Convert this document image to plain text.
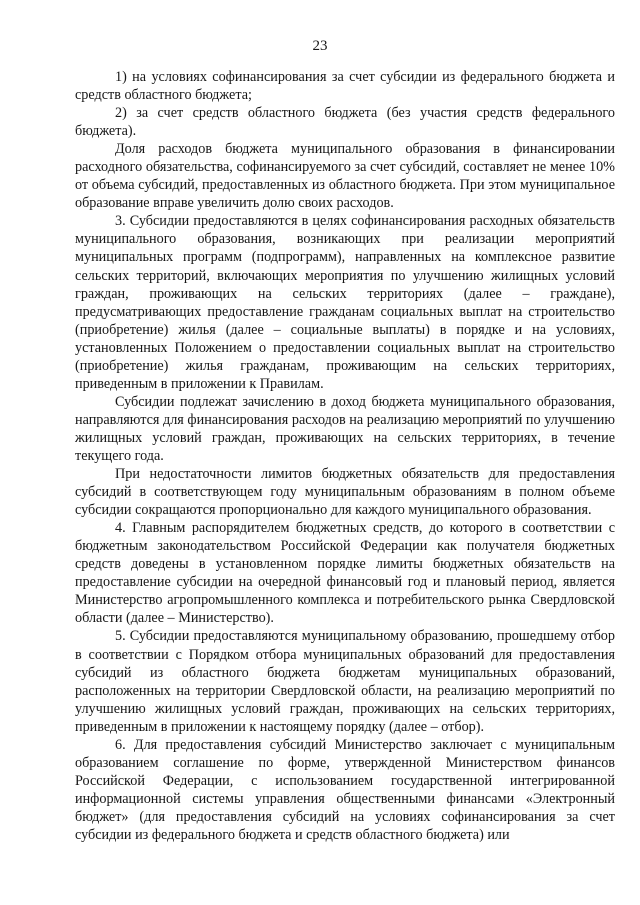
23

1) на условиях софинансирования за счет субсидии из федерального бюджета и средств областного бюджета;

2) за счет средств областного бюджета (без участия средств федерального бюджета).

Доля расходов бюджета муниципального образования в финансировании расходного обязательства, софинансируемого за счет субсидий, составляет не менее 10% от объема субсидий, предоставленных из областного бюджета. При этом муниципальное образование вправе увеличить долю своих расходов.

3. Субсидии предоставляются в целях софинансирования расходных обязательств муниципального образования, возникающих при реализации мероприятий муниципальных программ (подпрограмм), направленных на комплексное развитие сельских территорий, включающих мероприятия по улучшению жилищных условий граждан, проживающих на сельских территориях (далее – граждане), предусматривающих предоставление гражданам социальных выплат на строительство (приобретение) жилья (далее – социальные выплаты) в порядке и на условиях, установленных Положением о предоставлении социальных выплат на строительство (приобретение) жилья гражданам, проживающим на сельских территориях, приведенным в приложении к Правилам.

Субсидии подлежат зачислению в доход бюджета муниципального образования, направляются для финансирования расходов на реализацию мероприятий по улучшению жилищных условий граждан, проживающих на сельских территориях, в течение текущего года.

При недостаточности лимитов бюджетных обязательств для предоставления субсидий в соответствующем году муниципальным образованиям в полном объеме субсидии сокращаются пропорционально для каждого муниципального образования.

4. Главным распорядителем бюджетных средств, до которого в соответствии с бюджетным законодательством Российской Федерации как получателя бюджетных средств доведены в установленном порядке лимиты бюджетных обязательств на предоставление субсидии на очередной финансовый год и плановый период, является Министерство агропромышленного комплекса и потребительского рынка Свердловской области (далее – Министерство).

5. Субсидии предоставляются муниципальному образованию, прошедшему отбор в соответствии с Порядком отбора муниципальных образований для предоставления субсидий из областного бюджета бюджетам муниципальных образований, расположенных на территории Свердловской области, на реализацию мероприятий по улучшению жилищных условий граждан, проживающих на сельских территориях, приведенным в приложении к настоящему порядку (далее – отбор).

6. Для предоставления субсидий Министерство заключает с муниципальным образованием соглашение по форме, утвержденной Министерством финансов Российской Федерации, с использованием государственной интегрированной информационной системы управления общественными финансами «Электронный бюджет» (для предоставления субсидий на условиях софинансирования за счет субсидии из федерального бюджета и средств областного бюджета) или
